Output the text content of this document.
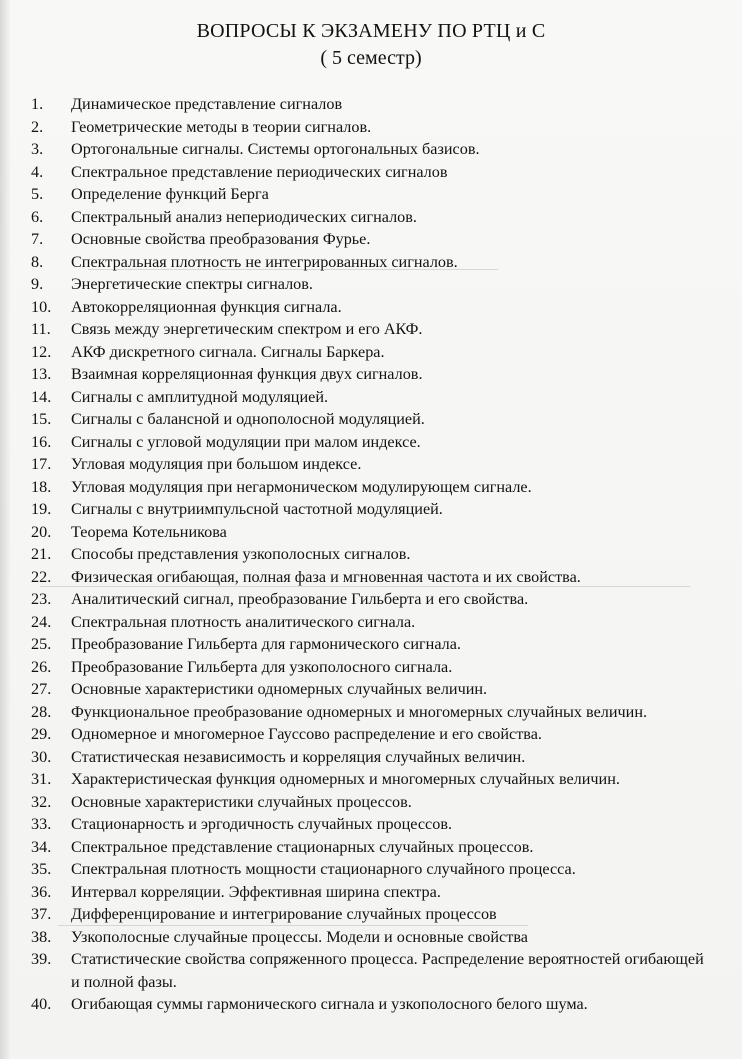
ВОПРОСЫ К ЭКЗАМЕНУ ПО РТЦ и С
( 5 семестр)
1.	Динамическое представление сигналов
2.	Геометрические методы в теории сигналов.
3.	Ортогональные сигналы. Системы ортогональных базисов.
4.	Спектральное представление периодических сигналов
5.	Определение функций Берга
6.	Спектральный анализ непериодических сигналов.
7.	Основные свойства преобразования Фурье.
8.	Спектральная плотность не интегрированных сигналов.
9.	Энергетические спектры сигналов.
10.	Автокорреляционная функция сигнала.
11.	Связь между энергетическим спектром и его АКФ.
12.	АКФ дискретного сигнала. Сигналы Баркера.
13.	Взаимная корреляционная функция двух сигналов.
14.	Сигналы с амплитудной модуляцией.
15.	Сигналы с балансной и однополосной модуляцией.
16.	Сигналы с угловой модуляции при малом индексе.
17.	Угловая модуляция при большом индексе.
18.	Угловая модуляция при негармоническом модулирующем сигнале.
19.	Сигналы с внутриимпульсной частотной модуляцией.
20.	Теорема Котельникова
21.	Способы представления узкополосных сигналов.
22.	Физическая огибающая, полная фаза и мгновенная частота и их свойства.
23.	Аналитический сигнал, преобразование Гильберта и его свойства.
24.	Спектральная плотность аналитического сигнала.
25.	Преобразование Гильберта для гармонического сигнала.
26.	Преобразование Гильберта для узкополосного сигнала.
27.	Основные характеристики одномерных случайных величин.
28.	Функциональное преобразование одномерных и многомерных случайных величин.
29.	Одномерное и многомерное Гауссово распределение и его свойства.
30.	Статистическая независимость и корреляция случайных величин.
31.	Характеристическая функция одномерных и многомерных случайных величин.
32.	Основные характеристики случайных процессов.
33.	Стационарность и эргодичность случайных процессов.
34.	Спектральное представление стационарных случайных процессов.
35.	Спектральная плотность мощности стационарного случайного процесса.
36.	Интервал корреляции. Эффективная ширина спектра.
37.	Дифференцирование и интегрирование случайных процессов
38.	Узкополосные случайные процессы. Модели и основные свойства
39.	Статистические свойства сопряженного процесса. Распределение вероятностей огибающей и полной фазы.
40.	Огибающая суммы гармонического сигнала и узкополосного белого шума.
